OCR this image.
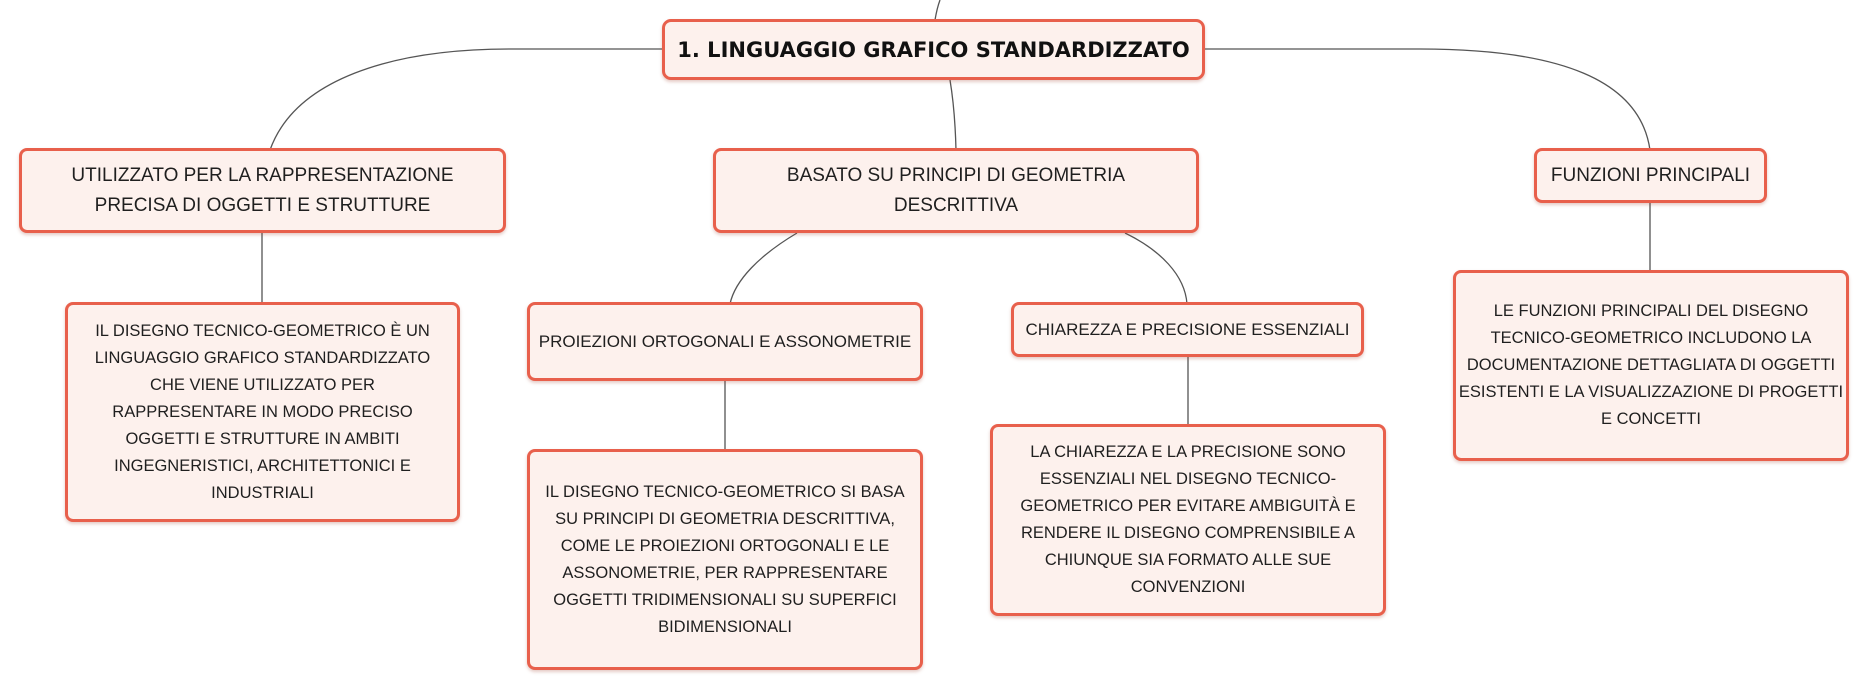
1. LINGUAGGIO GRAFICO STANDARDIZZATO
UTILIZZATO PER LA RAPPRESENTAZIONE PRECISA DI OGGETTI E STRUTTURE
BASATO SU PRINCIPI DI GEOMETRIA DESCRITTIVA
FUNZIONI PRINCIPALI
IL DISEGNO TECNICO-GEOMETRICO È UN LINGUAGGIO GRAFICO STANDARDIZZATO CHE VIENE UTILIZZATO PER RAPPRESENTARE IN MODO PRECISO OGGETTI E STRUTTURE IN AMBITI INGEGNERISTICI, ARCHITETTONICI E INDUSTRIALI
PROIEZIONI ORTOGONALI E ASSONOMETRIE
CHIAREZZA E PRECISIONE ESSENZIALI
IL DISEGNO TECNICO-GEOMETRICO SI BASA SU PRINCIPI DI GEOMETRIA DESCRITTIVA, COME LE PROIEZIONI ORTOGONALI E LE ASSONOMETRIE, PER RAPPRESENTARE OGGETTI TRIDIMENSIONALI SU SUPERFICI BIDIMENSIONALI
LA CHIAREZZA E LA PRECISIONE SONO ESSENZIALI NEL DISEGNO TECNICO-GEOMETRICO PER EVITARE AMBIGUITÀ E RENDERE IL DISEGNO COMPRENSIBILE A CHIUNQUE SIA FORMATO ALLE SUE CONVENZIONI
LE FUNZIONI PRINCIPALI DEL DISEGNO TECNICO-GEOMETRICO INCLUDONO LA DOCUMENTAZIONE DETTAGLIATA DI OGGETTI ESISTENTI E LA VISUALIZZAZIONE DI PROGETTI E CONCETTI
